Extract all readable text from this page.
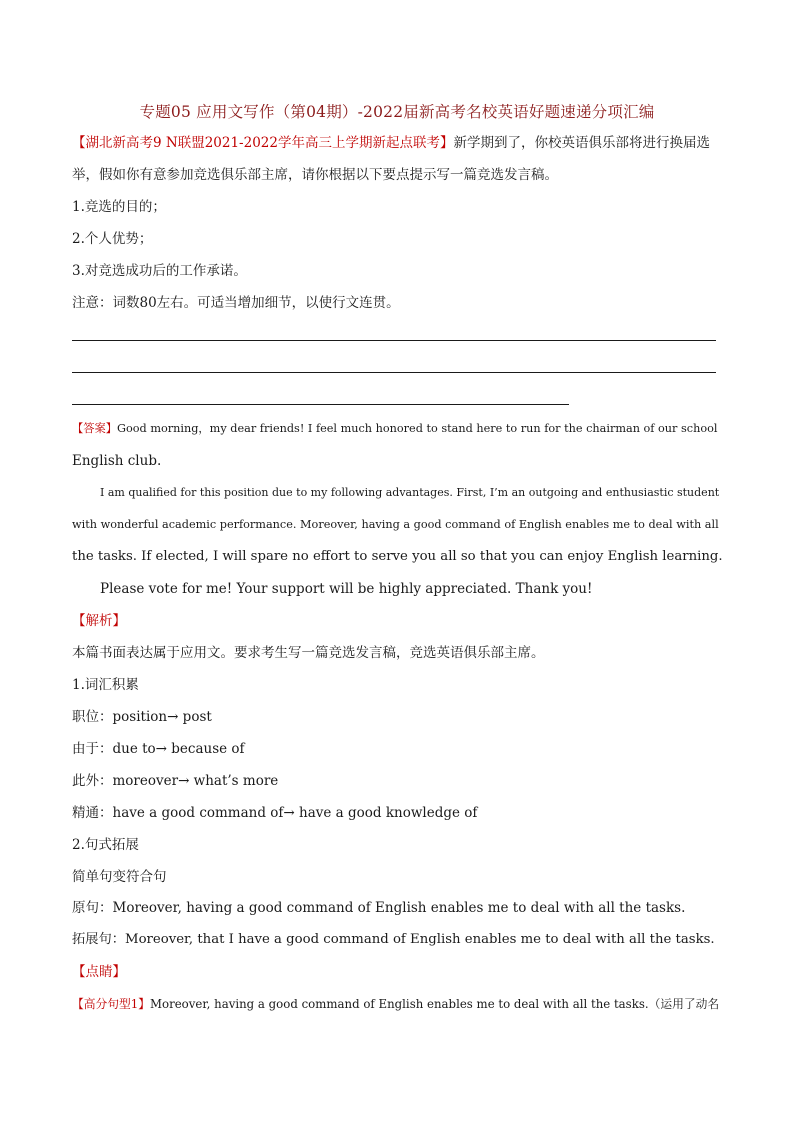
专题05 应用文写作（第04期）-2022届新高考名校英语好题速递分项汇编
【湖北新高考9 N联盟2021-2022学年高三上学期新起点联考】新学期到了，你校英语俱乐部将进行换届选
举，假如你有意参加竞选俱乐部主席，请你根据以下要点提示写一篇竞选发言稿。
1.竞选的目的；
2.个人优势；
3.对竞选成功后的工作承诺。
注意：词数80左右。可适当增加细节，以使行文连贯。
【答案】Good morning，my dear friends! I feel much honored to stand here to run for the chairman of our school
English club.
I am qualified for this position due to my following advantages. First, I’m an outgoing and enthusiastic student
with wonderful academic performance. Moreover, having a good command of English enables me to deal with all
the tasks. If elected, I will spare no effort to serve you all so that you can enjoy English learning.
Please vote for me! Your support will be highly appreciated. Thank you!
【解析】
本篇书面表达属于应用文。要求考生写一篇竞选发言稿，竞选英语俱乐部主席。
1.词汇积累
职位：position→ post
由于：due to→ because of
此外：moreover→ what’s more
精通：have a good command of→ have a good knowledge of
2.句式拓展
简单句变符合句
原句：Moreover, having a good command of English enables me to deal with all the tasks.
拓展句：Moreover, that I have a good command of English enables me to deal with all the tasks.
【点睛】
【高分句型1】Moreover, having a good command of English enables me to deal with all the tasks.（运用了动名
